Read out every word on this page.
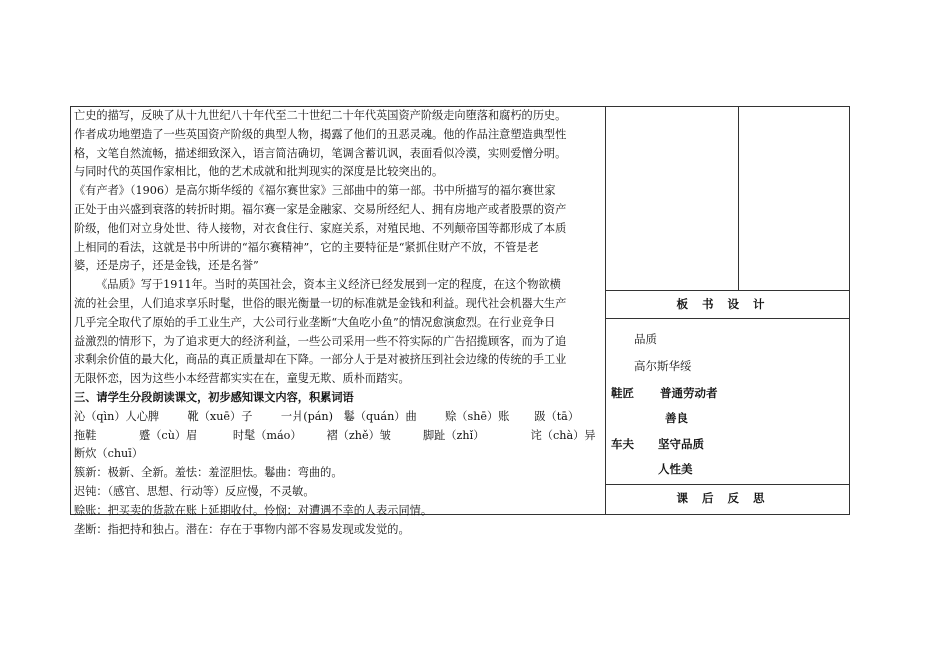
亡史的描写，反映了从十九世纪八十年代至二十世纪二十年代英国资产阶级走向堕落和腐朽的历史。

作者成功地塑造了一些英国资产阶级的典型人物，揭露了他们的丑恶灵魂。他的作品注意塑造典型性

格，文笔自然流畅，描述细致深入，语言简洁确切，笔调含蓄讥讽，表面看似冷漠，实则爱憎分明。

与同时代的英国作家相比，他的艺术成就和批判现实的深度是比较突出的。

《有产者》（1906）是高尔斯华绥的《福尔赛世家》三部曲中的第一部。书中所描写的福尔赛世家

正处于由兴盛到衰落的转折时期。福尔赛一家是金融家、交易所经纪人、拥有房地产或者股票的资产

阶级，他们对立身处世、待人接物，对衣食住行、家庭关系，对殖民地、不列颠帝国等都形成了本质

上相同的看法，这就是书中所讲的“福尔赛精神”，它的主要特征是“紧抓住财产不放，不管是老

婆，还是房子，还是金钱，还是名誉”

《品质》写于1911年。当时的英国社会，资本主义经济已经发展到一定的程度，在这个物欲横

流的社会里，人们追求享乐时髦，世俗的眼光衡量一切的标准就是金钱和利益。现代社会机器大生产

几乎完全取代了原始的手工业生产，大公司行业垄断“大鱼吃小鱼”的情况愈演愈烈。在行业竞争日

益激烈的情形下，为了追求更大的经济利益，一些公司采用一些不符实际的广告招揽顾客，而为了追

求剩余价值的最大化，商品的真正质量却在下降。一部分人于是对被挤压到社会边缘的传统的手工业

无限怀恋，因为这些小本经营都实实在在，童叟无欺、质朴而踏实。

三、请学生分段朗读课文，初步感知课文内容，积累词语

沁（qìn）人心脾        靴（xuē）子        一爿(pán)   鬈（quán）曲        赊（shē）账       趿（tā）

拖鞋            蹙（cù）眉          时髦（máo）       褶（zhě）皱         脚趾（zhǐ）             诧（chà）异

断炊（chuī）

簇新：极新、全新。羞怯：羞涩胆怯。鬈曲：弯曲的。

迟钝：（感官、思想、行动等）反应慢，不灵敏。

赊账：把买卖的货款在账上延期收付。怜悯：对遭遇不幸的人表示同情。

垄断：指把持和独占。潜在：存在于事物内部不容易发现或发觉的。

板书设计
品质
高尔斯华绥
鞋匠 普通劳动者
善良
车夫 坚守品质
人性美
课后反思
